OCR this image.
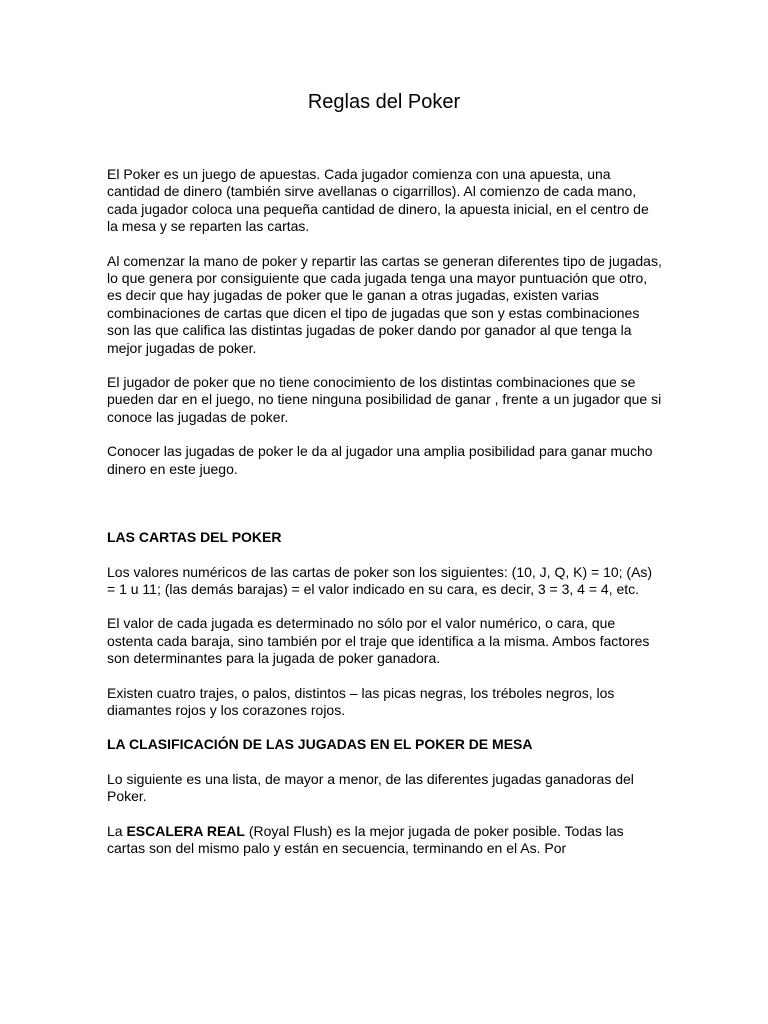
Reglas del Poker

El Poker es un juego de apuestas. Cada jugador comienza con una apuesta, una cantidad de dinero (también sirve avellanas o cigarrillos). Al comienzo de cada mano, cada jugador coloca una pequeña cantidad de dinero, la apuesta inicial, en el centro de la mesa y se reparten las cartas.

Al comenzar la mano de poker y repartir las cartas se generan diferentes tipo de jugadas, lo que genera por consiguiente que cada jugada tenga una mayor puntuación que otro, es decir que hay jugadas de poker que le ganan a otras jugadas, existen varias combinaciones de cartas que dicen el tipo de jugadas que son y estas combinaciones son las que califica las distintas jugadas de poker dando por ganador al que tenga la mejor jugadas de poker.

El jugador de poker que no tiene conocimiento de los distintas combinaciones que se pueden dar en el juego, no tiene ninguna posibilidad de ganar , frente a un jugador que si conoce las jugadas de poker.

Conocer las jugadas de poker le da al jugador una amplia posibilidad para ganar mucho dinero en este juego.

LAS CARTAS DEL POKER

Los valores numéricos de las cartas de poker son los siguientes: (10, J, Q, K) = 10; (As) = 1 u 11; (las demás barajas) = el valor indicado en su cara, es decir, 3 = 3, 4 = 4, etc.

El valor de cada jugada es determinado no sólo por el valor numérico, o cara, que ostenta cada baraja, sino también por el traje que identifica a la misma. Ambos factores son determinantes para la jugada de poker ganadora.

Existen cuatro trajes, o palos, distintos – las picas negras, los tréboles negros, los diamantes rojos y los corazones rojos.

LA CLASIFICACIÓN DE LAS JUGADAS EN EL POKER DE MESA

Lo siguiente es una lista, de mayor a menor, de las diferentes jugadas ganadoras del Poker.

La ESCALERA REAL (Royal Flush) es la mejor jugada de poker posible. Todas las cartas son del mismo palo y están en secuencia, terminando en el As. Por
